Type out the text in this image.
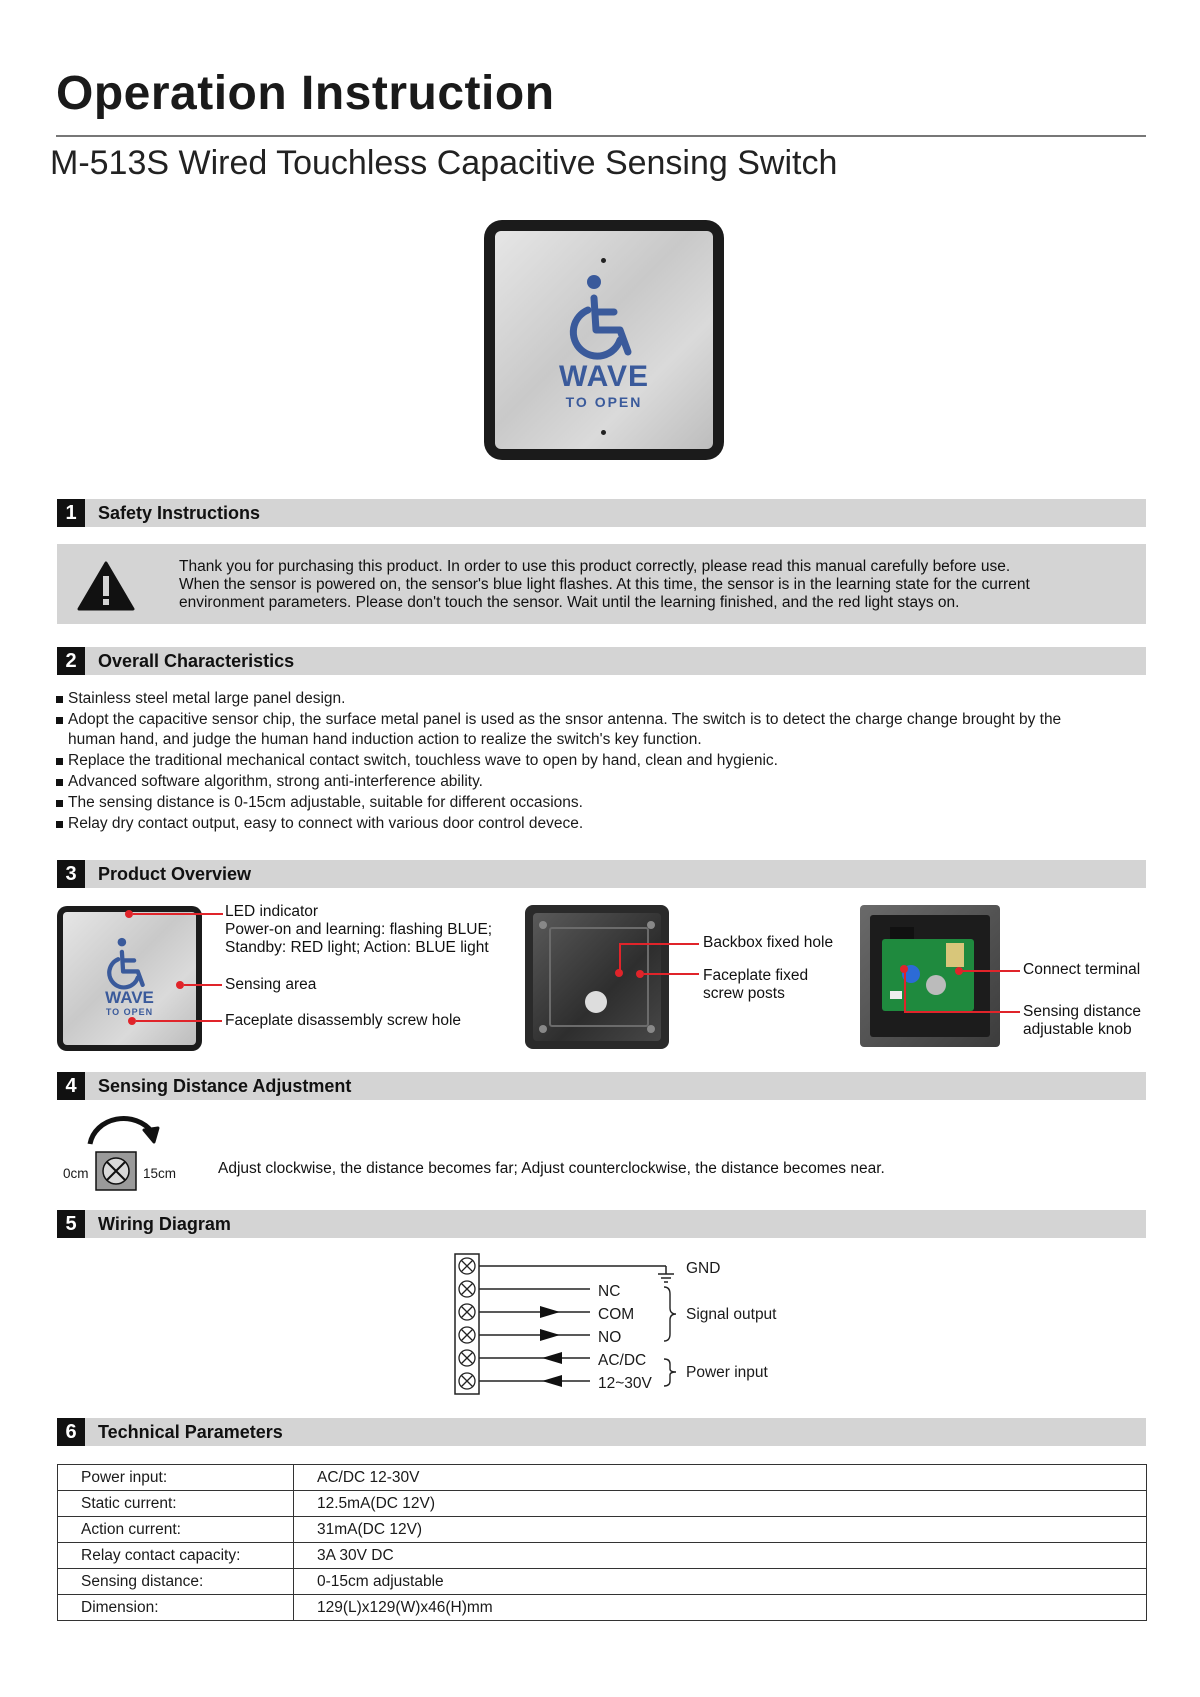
Operation Instruction
M-513S Wired Touchless Capacitive Sensing Switch
WAVE
TO OPEN
1	Safety Instructions
Thank you for purchasing this product. In order to use this product correctly, please read this manual carefully before use.
When the sensor is powered on, the sensor's blue light flashes. At this time, the sensor is in the learning state for the current
environment parameters. Please don't touch the sensor. Wait until the learning finished, and the red light stays on.
2	Overall Characteristics
Stainless steel metal large panel design.
Adopt the capacitive sensor chip, the surface metal panel is used as the snsor antenna. The switch is to detect the charge change brought by the
human hand, and judge the human hand induction action to realize the switch's key function.
Replace the traditional mechanical contact switch, touchless wave to open by hand, clean and hygienic.
Advanced software algorithm, strong anti-interference ability.
The sensing distance is 0-15cm adjustable, suitable for different occasions.
Relay dry contact output, easy to connect with various door control devece.
3	Product Overview
WAVE
TO OPEN
LED indicator
Power-on and learning: flashing BLUE;
Standby: RED light; Action: BLUE light
Sensing area
Faceplate disassembly screw hole
Backbox fixed hole
Faceplate fixed
screw posts
Connect terminal
Sensing distance
adjustable knob
4	Sensing Distance Adjustment
0cm	15cm	Adjust clockwise, the distance becomes far; Adjust counterclockwise, the distance becomes near.
5	Wiring Diagram
GND
NC
COM
NO
AC/DC
12~30V
Signal output
Power input
6	Technical Parameters
Power input:	AC/DC 12-30V
Static current:	12.5mA(DC 12V)
Action current:	31mA(DC 12V)
Relay contact capacity:	3A 30V DC
Sensing distance:	0-15cm adjustable
Dimension:	129(L)x129(W)x46(H)mm
